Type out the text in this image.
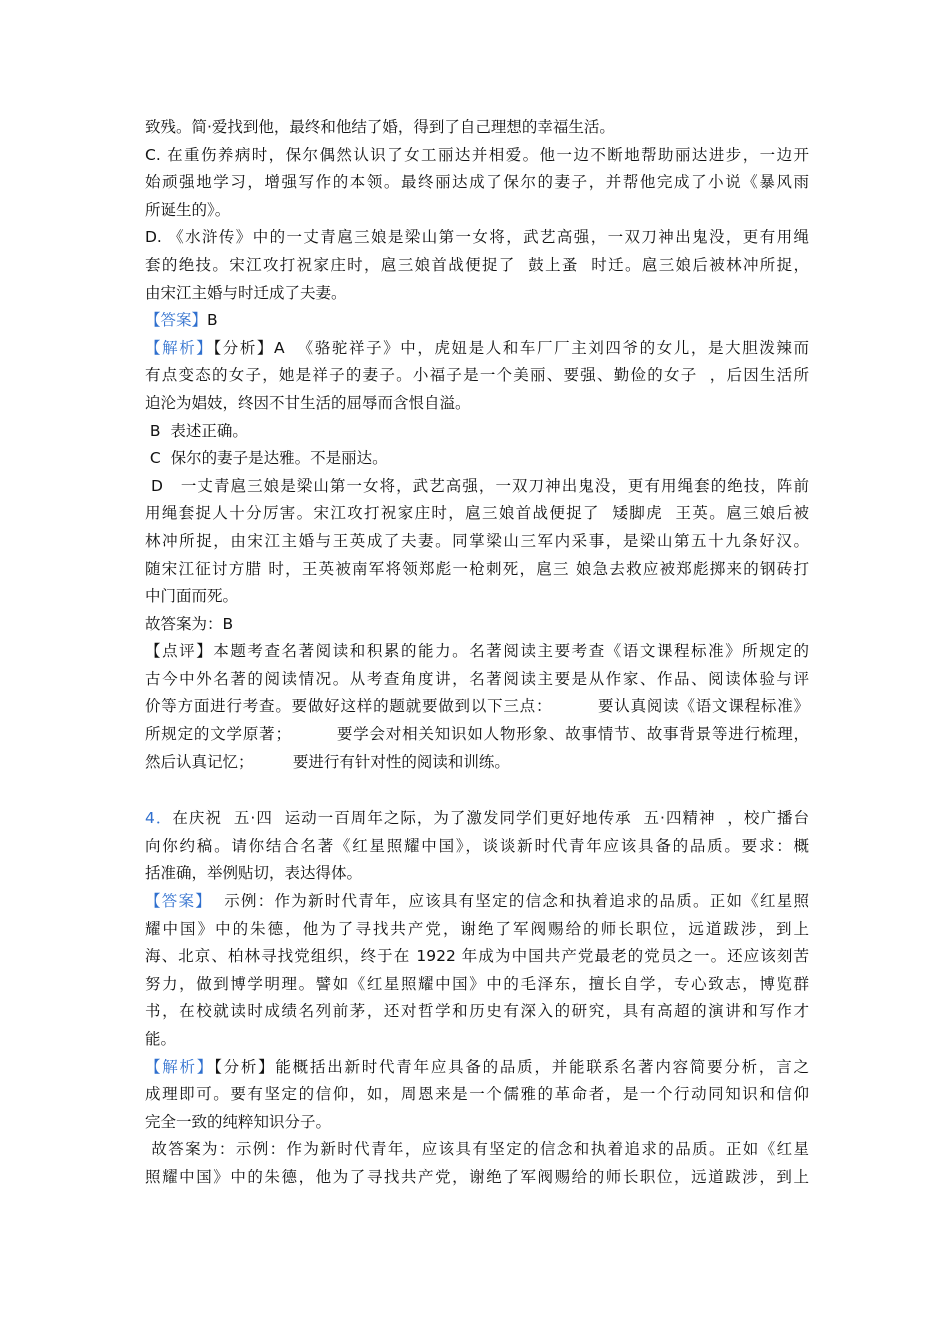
致残。简·爱找到他，最终和他结了婚，得到了自己理想的幸福生活。
C. 在重伤养病时，保尔偶然认识了女工丽达并相爱。他一边不断地帮助丽达进步，一边开
始顽强地学习，增强写作的本领。最终丽达成了保尔的妻子，并帮他完成了小说《暴风雨
所诞生的》。
D. 《水浒传》中的一丈青扈三娘是梁山第一女将，武艺高强，一双刀神出鬼没，更有用绳
套的绝技。宋江攻打祝家庄时，扈三娘首战便捉了  鼓上蚤  时迁。扈三娘后被林冲所捉，
由宋江主婚与时迁成了夫妻。
【答案】B
【解析】【分析】A  《骆驼祥子》中，虎妞是人和车厂厂主刘四爷的女儿，是大胆泼辣而
有点变态的女子，她是祥子的妻子。小福子是一个美丽、要强、勤俭的女子  ，后因生活所
迫沦为娼妓，终因不甘生活的屈辱而含恨自溢。
B  表述正确。
C  保尔的妻子是达雅。不是丽达。
D   一丈青扈三娘是梁山第一女将，武艺高强，一双刀神出鬼没，更有用绳套的绝技，阵前
用绳套捉人十分厉害。宋江攻打祝家庄时，扈三娘首战便捉了  矮脚虎  王英。扈三娘后被
林冲所捉，由宋江主婚与王英成了夫妻。同掌梁山三军内采事，是梁山第五十九条好汉。
随宋江征讨方腊 时，王英被南军将领郑彪一枪刺死，扈三 娘急去救应被郑彪掷来的钢砖打
中门面而死。
故答案为：B
【点评】本题考查名著阅读和积累的能力。名著阅读主要考查《语文课程标准》所规定的
古今中外名著的阅读情况。从考查角度讲，名著阅读主要是从作家、作品、阅读体验与评
价等方面进行考查。要做好这样的题就要做到以下三点：        要认真阅读《语文课程标准》
所规定的文学原著；        要学会对相关知识如人物形象、故事情节、故事背景等进行梳理，
然后认真记忆；        要进行有针对性的阅读和训练。
4．在庆祝  五·四  运动一百周年之际，为了激发同学们更好地传承  五·四精神  ，校广播台
向你约稿。请你结合名著《红星照耀中国》，谈谈新时代青年应该具备的品质。要求：概
括准确，举例贴切，表达得体。
【答案】  示例：作为新时代青年，应该具有坚定的信念和执着追求的品质。正如《红星照
耀中国》中的朱德，他为了寻找共产党，谢绝了军阀赐给的师长职位，远道跋涉，到上
海、北京、柏林寻找党组织，终于在 1922 年成为中国共产党最老的党员之一。还应该刻苦
努力，做到博学明理。譬如《红星照耀中国》中的毛泽东，擅长自学，专心致志，博览群
书，在校就读时成绩名列前茅，还对哲学和历史有深入的研究，具有高超的演讲和写作才
能。
【解析】【分析】能概括出新时代青年应具备的品质，并能联系名著内容简要分析，言之
成理即可。要有坚定的信仰，如，周恩来是一个儒雅的革命者，是一个行动同知识和信仰
完全一致的纯粹知识分子。
故答案为：示例：作为新时代青年，应该具有坚定的信念和执着追求的品质。正如《红星
照耀中国》中的朱德，他为了寻找共产党，谢绝了军阀赐给的师长职位，远道跋涉，到上
